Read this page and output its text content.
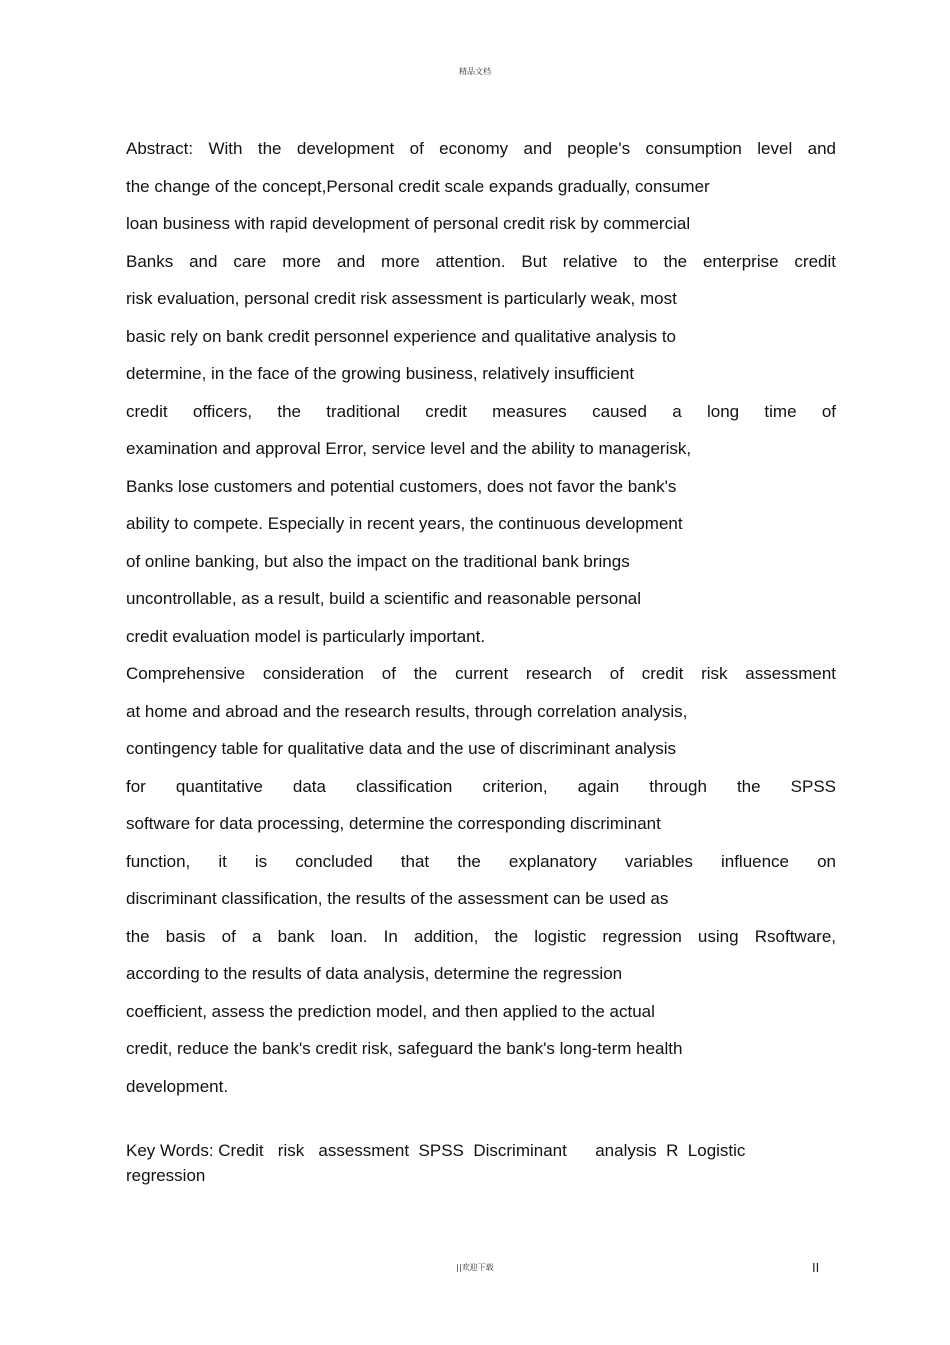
精品文档
Abstract: With the development of economy and people's consumption level and
the change of the concept,Personal credit scale expands gradually, consumer
loan business with rapid development of personal credit risk by commercial
Banks and care more and more attention. But relative to the enterprise credit
risk evaluation, personal credit risk assessment is particularly weak, most
basic rely on bank credit personnel experience and qualitative analysis to
determine, in the face of the growing business, relatively insufficient
credit officers, the traditional credit measures caused a long time of
examination and approval Error, service level and the ability to managerisk,
Banks lose customers and potential customers, does not favor the bank's
ability to compete. Especially in recent years, the continuous development
of online banking, but also the impact on the traditional bank brings
uncontrollable, as a result, build a scientific and reasonable personal
credit evaluation model is particularly important.
Comprehensive consideration of the current research of credit risk assessment
at home and abroad and the research results, through correlation analysis,
contingency table for qualitative data and the use of discriminant analysis
for quantitative data classification criterion, again through the SPSS
software for data processing, determine the corresponding discriminant
function, it is concluded that the explanatory variables influence on
discriminant classification, the results of the assessment can be used as
the basis of a bank loan. In addition, the logistic regression using Rsoftware,
according to the results of data analysis, determine the regression
coefficient, assess the prediction model, and then applied to the actual
credit, reduce the bank's credit risk, safeguard the bank's long-term health
development.
Key Words: Credit   risk   assessment  SPSS  Discriminant      analysis  R  Logistic
regression
||欢迎下载	II
